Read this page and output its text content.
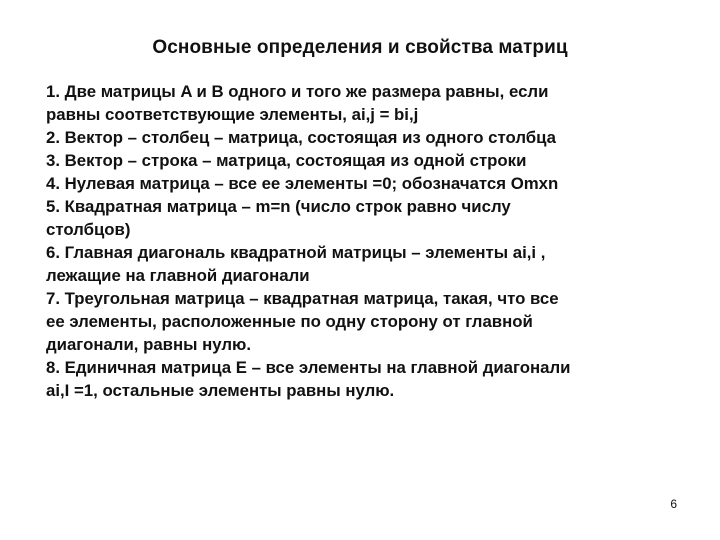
Основные определения и свойства матриц
1. Две матрицы A и B одного и того же размера равны, если
равны соответствующие элементы, ai,j = bi,j
2. Вектор – столбец – матрица, состоящая из одного столбца
3. Вектор – строка – матрица, состоящая из одной строки
4. Нулевая матрица – все ее элементы =0; обозначатся Omxn
5. Квадратная матрица – m=n (число строк равно числу
столбцов)
6. Главная диагональ квадратной матрицы – элементы ai,i ,
лежащие на главной диагонали
7. Треугольная матрица – квадратная матрица, такая, что все
ее элементы, расположенные по одну сторону от главной
диагонали, равны нулю.
8. Единичная матрица E – все элементы на главной диагонали
ai,I =1, остальные элементы равны нулю.
6
